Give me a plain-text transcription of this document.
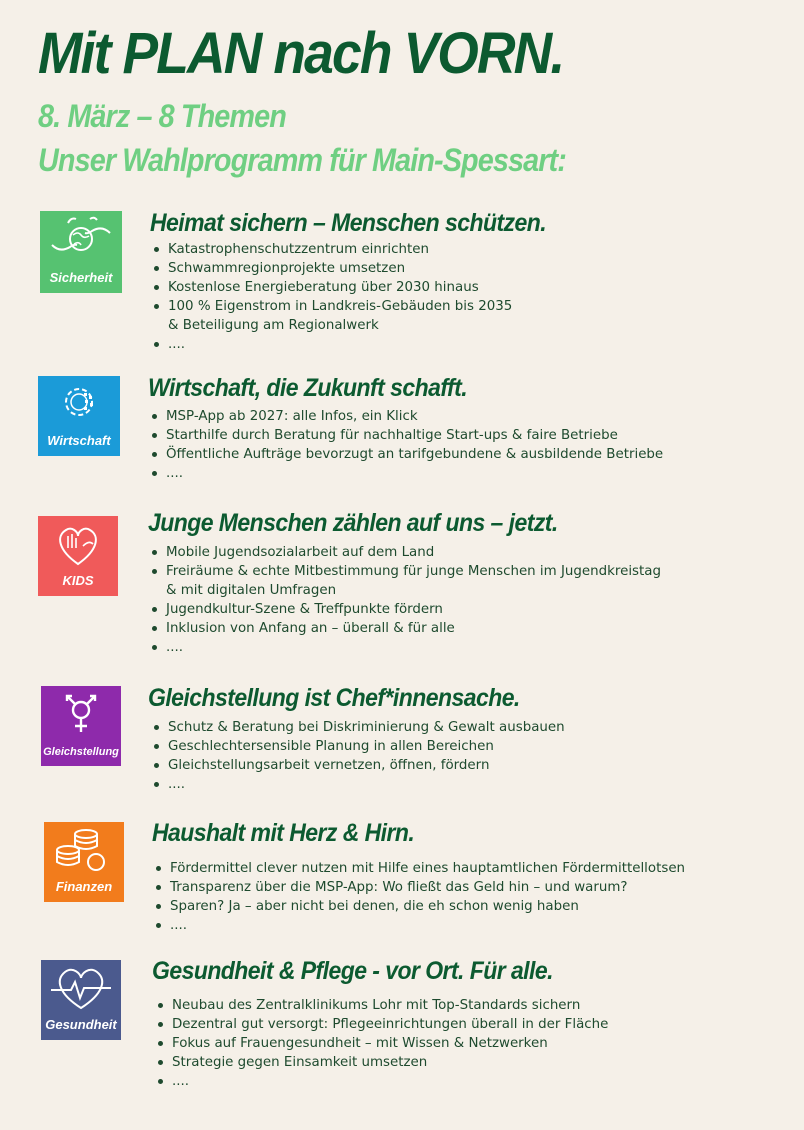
Mit PLAN nach VORN.
8. März – 8 Themen
Unser Wahlprogramm für Main-Spessart:
Sicherheit
Heimat sichern – Menschen schützen.
Katastrophenschutzzentrum einrichten
Schwammregionprojekte umsetzen
Kostenlose Energieberatung über 2030 hinaus
100 % Eigenstrom in Landkreis-Gebäuden bis 2035
& Beteiligung am Regionalwerk
....
Wirtschaft
Wirtschaft, die Zukunft schafft.
MSP-App ab 2027: alle Infos, ein Klick
Starthilfe durch Beratung für nachhaltige Start-ups & faire Betriebe
Öffentliche Aufträge bevorzugt an tarifgebundene & ausbildende Betriebe
....
KIDS
Junge Menschen zählen auf uns – jetzt.
Mobile Jugendsozialarbeit auf dem Land
Freiräume & echte Mitbestimmung für junge Menschen im Jugendkreistag
& mit digitalen Umfragen
Jugendkultur-Szene & Treffpunkte fördern
Inklusion von Anfang an – überall & für alle
....
Gleichstellung
Gleichstellung ist Chef*innensache.
Schutz & Beratung bei Diskriminierung & Gewalt ausbauen
Geschlechtersensible Planung in allen Bereichen
Gleichstellungsarbeit vernetzen, öffnen, fördern
....
Finanzen
Haushalt mit Herz & Hirn.
Fördermittel clever nutzen mit Hilfe eines hauptamtlichen Fördermittellotsen
Transparenz über die MSP-App: Wo fließt das Geld hin – und warum?
Sparen? Ja – aber nicht bei denen, die eh schon wenig haben
....
Gesundheit
Gesundheit & Pflege - vor Ort. Für alle.
Neubau des Zentralklinikums Lohr mit Top-Standards sichern
Dezentral gut versorgt: Pflegeeinrichtungen überall in der Fläche
Fokus auf Frauengesundheit – mit Wissen & Netzwerken
Strategie gegen Einsamkeit umsetzen
....
